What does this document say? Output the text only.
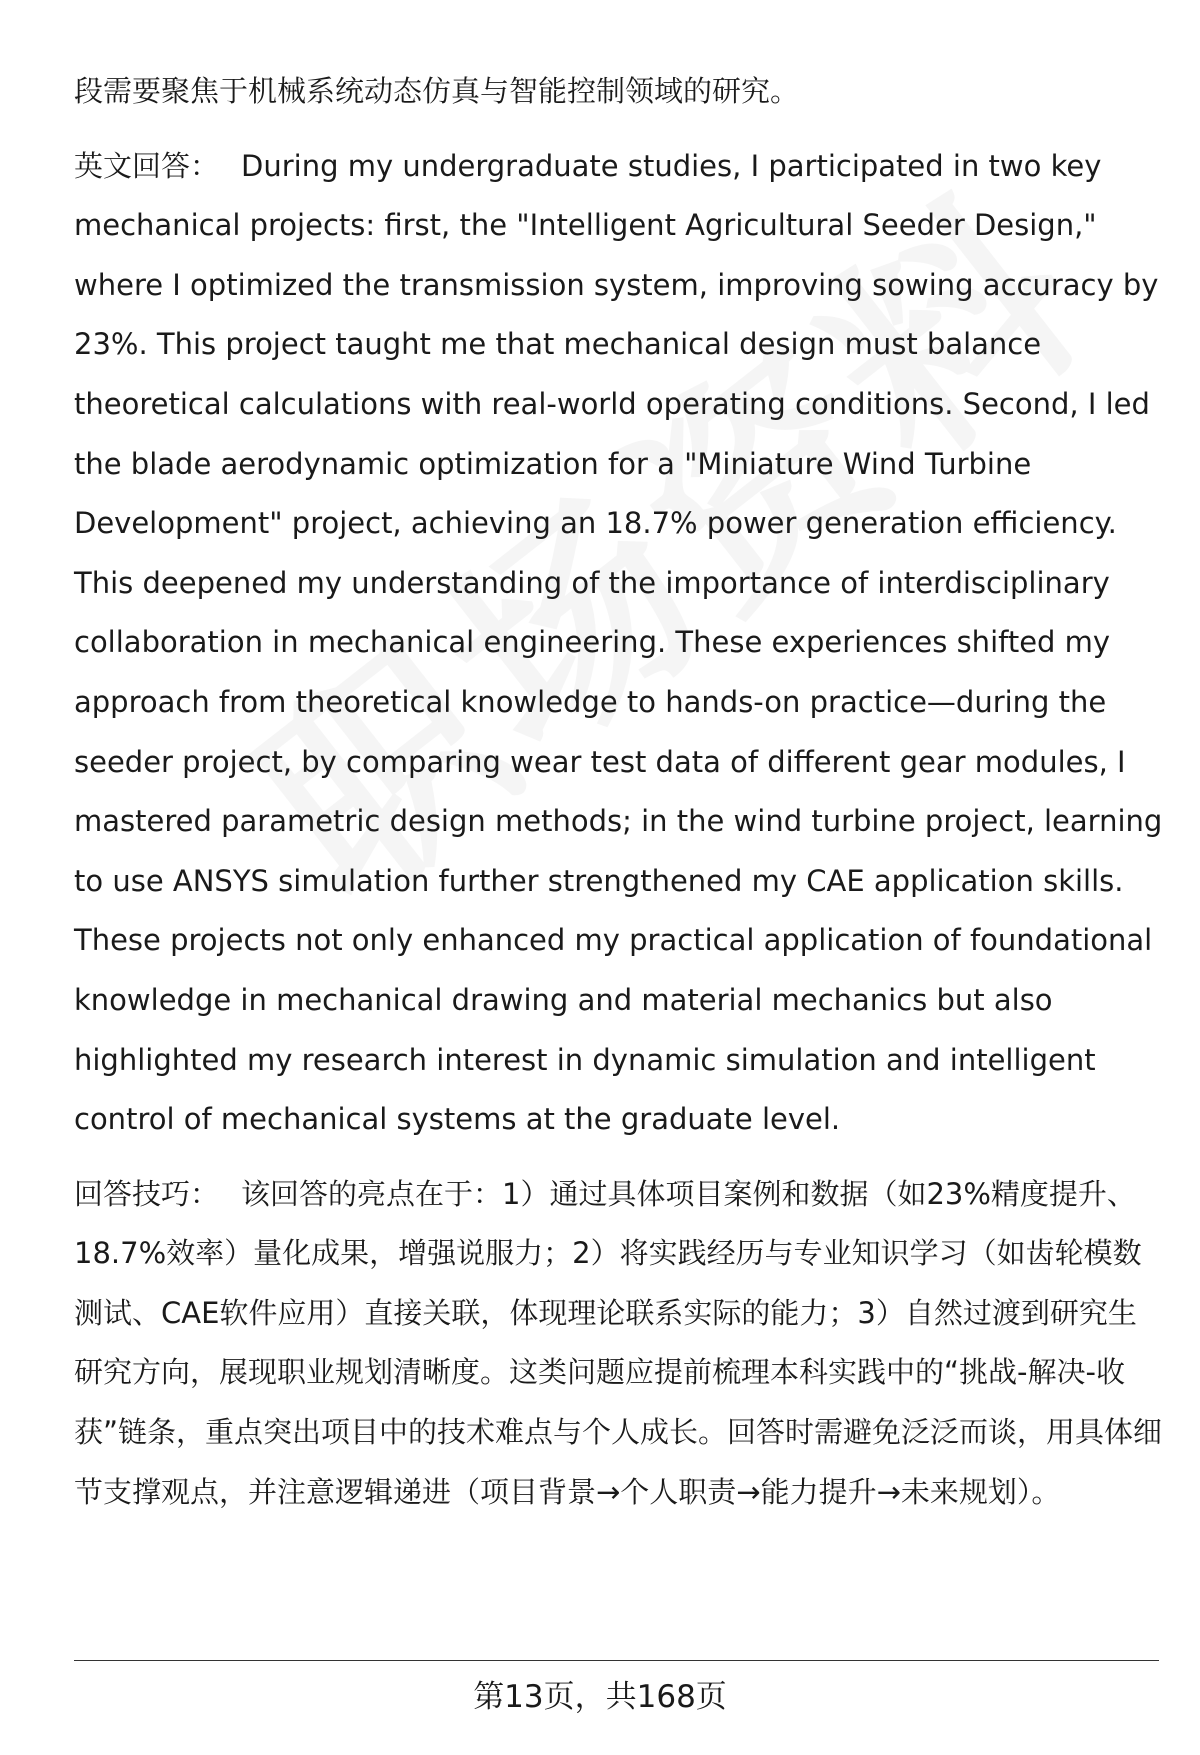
段需要聚焦于机械系统动态仿真与智能控制领域的研究。

英文回答： During my undergraduate studies, I participated in two key mechanical projects: first, the "Intelligent Agricultural Seeder Design," where I optimized the transmission system, improving sowing accuracy by 23%. This project taught me that mechanical design must balance theoretical calculations with real-world operating conditions. Second, I led the blade aerodynamic optimization for a "Miniature Wind Turbine Development" project, achieving an 18.7% power generation efficiency. This deepened my understanding of the importance of interdisciplinary collaboration in mechanical engineering. These experiences shifted my approach from theoretical knowledge to hands-on practice—during the seeder project, by comparing wear test data of different gear modules, I mastered parametric design methods; in the wind turbine project, learning to use ANSYS simulation further strengthened my CAE application skills. These projects not only enhanced my practical application of foundational knowledge in mechanical drawing and material mechanics but also highlighted my research interest in dynamic simulation and intelligent control of mechanical systems at the graduate level.

回答技巧： 该回答的亮点在于：1）通过具体项目案例和数据（如23%精度提升、18.7%效率）量化成果，增强说服力；2）将实践经历与专业知识学习（如齿轮模数测试、CAE软件应用）直接关联，体现理论联系实际的能力；3）自然过渡到研究生研究方向，展现职业规划清晰度。这类问题应提前梳理本科实践中的“挑战-解决-收获”链条，重点突出项目中的技术难点与个人成长。回答时需避免泛泛而谈，用具体细节支撑观点，并注意逻辑递进（项目背景→个人职责→能力提升→未来规划）。

第13页，共168页
